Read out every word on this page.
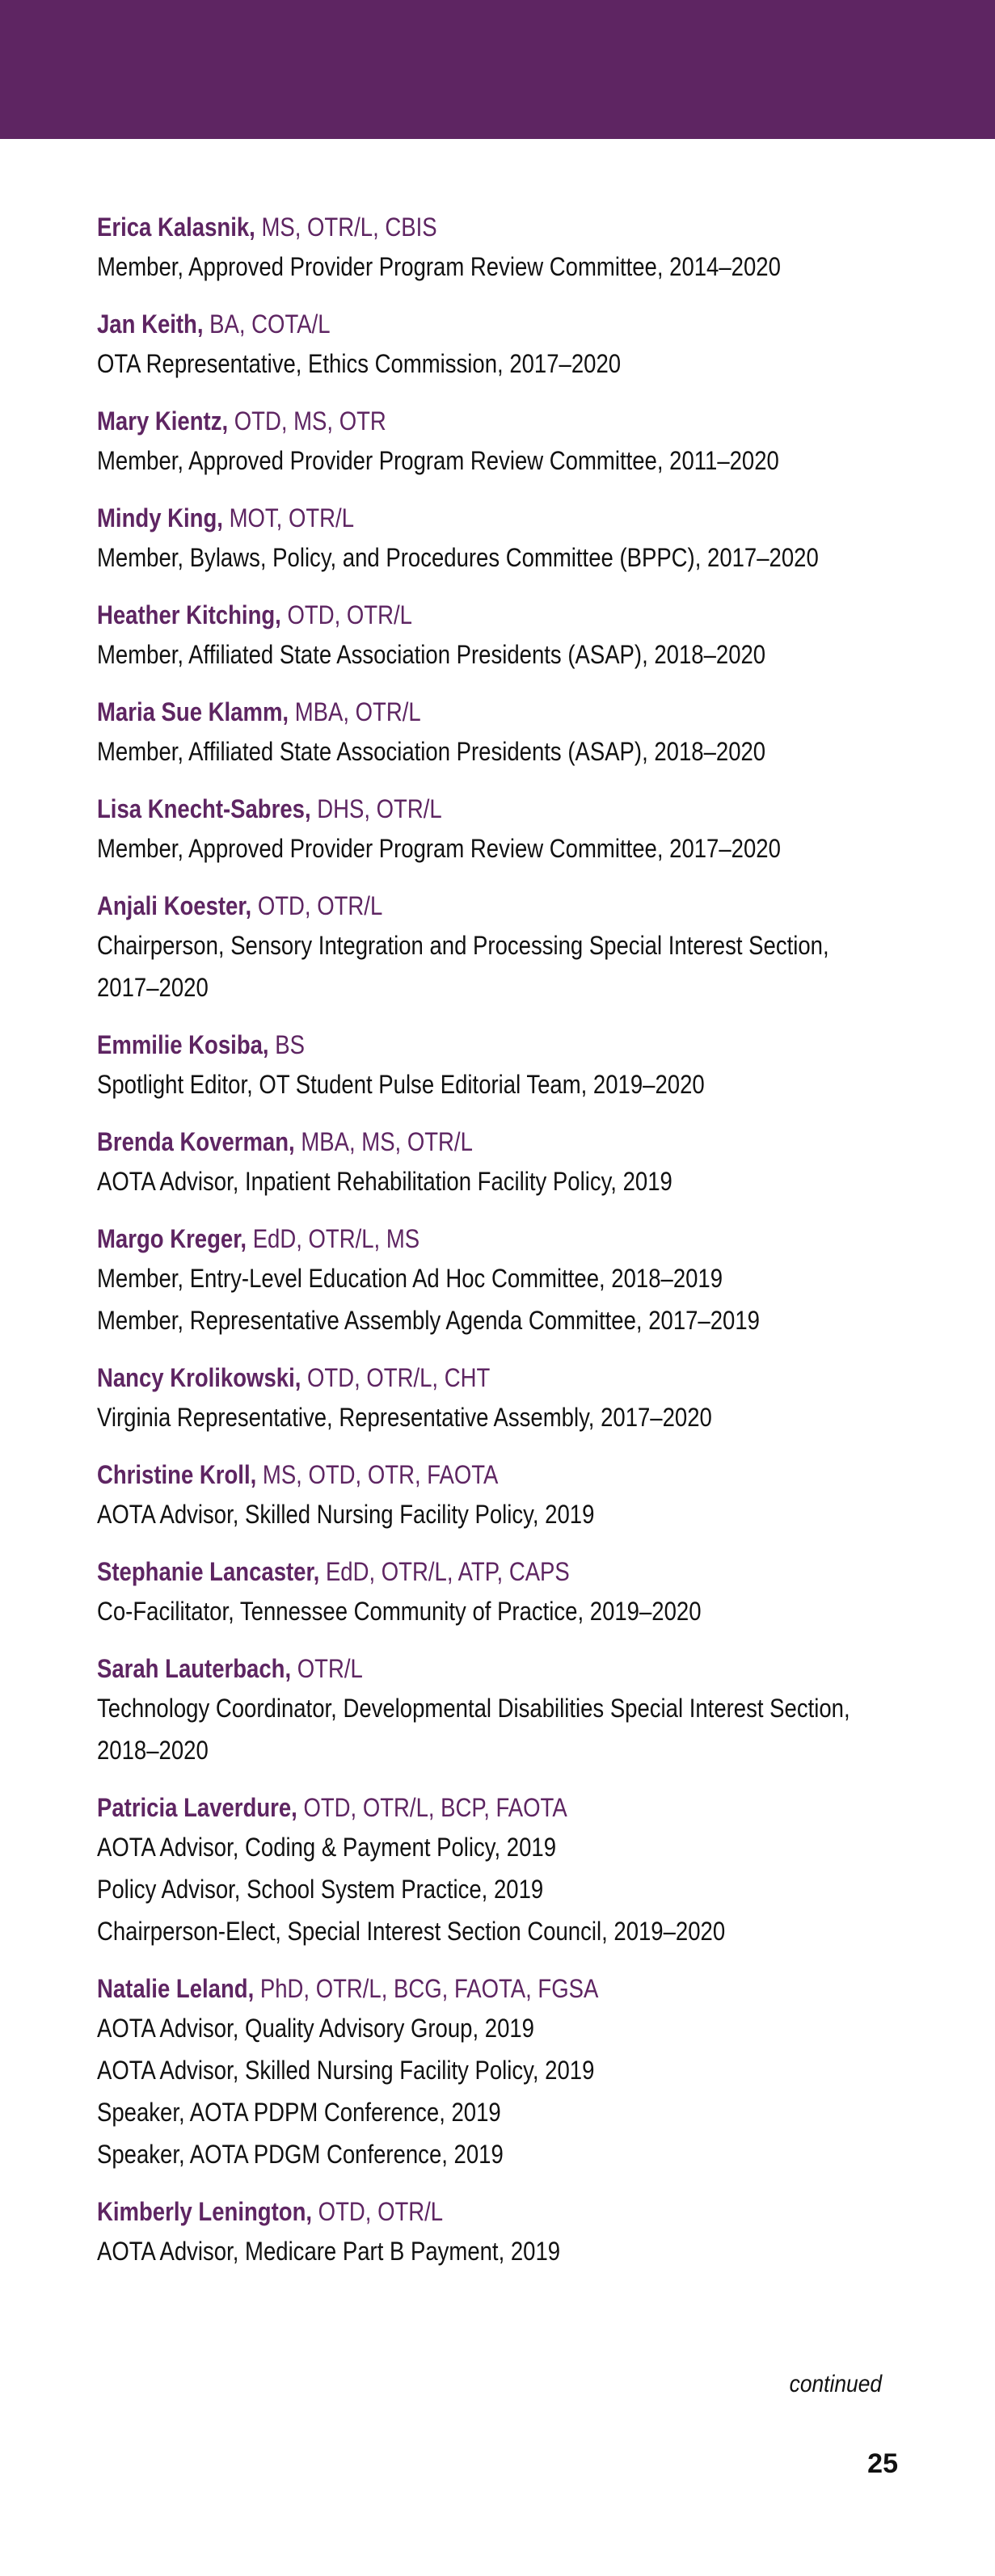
Erica Kalasnik, MS, OTR/L, CBIS
Member, Approved Provider Program Review Committee, 2014–2020
Jan Keith, BA, COTA/L
OTA Representative, Ethics Commission, 2017–2020
Mary Kientz, OTD, MS, OTR
Member, Approved Provider Program Review Committee, 2011–2020
Mindy King, MOT, OTR/L
Member, Bylaws, Policy, and Procedures Committee (BPPC), 2017–2020
Heather Kitching, OTD, OTR/L
Member, Affiliated State Association Presidents (ASAP), 2018–2020
Maria Sue Klamm, MBA, OTR/L
Member, Affiliated State Association Presidents (ASAP), 2018–2020
Lisa Knecht-Sabres, DHS, OTR/L
Member, Approved Provider Program Review Committee, 2017–2020
Anjali Koester, OTD, OTR/L
Chairperson, Sensory Integration and Processing Special Interest Section,
2017–2020
Emmilie Kosiba, BS
Spotlight Editor, OT Student Pulse Editorial Team, 2019–2020
Brenda Koverman, MBA, MS, OTR/L
AOTA Advisor, Inpatient Rehabilitation Facility Policy, 2019
Margo Kreger, EdD, OTR/L, MS
Member, Entry-Level Education Ad Hoc Committee, 2018–2019
Member, Representative Assembly Agenda Committee, 2017–2019
Nancy Krolikowski, OTD, OTR/L, CHT
Virginia Representative, Representative Assembly, 2017–2020
Christine Kroll, MS, OTD, OTR, FAOTA
AOTA Advisor, Skilled Nursing Facility Policy, 2019
Stephanie Lancaster, EdD, OTR/L, ATP, CAPS
Co-Facilitator, Tennessee Community of Practice, 2019–2020
Sarah Lauterbach, OTR/L
Technology Coordinator, Developmental Disabilities Special Interest Section,
2018–2020
Patricia Laverdure, OTD, OTR/L, BCP, FAOTA
AOTA Advisor, Coding & Payment Policy, 2019
Policy Advisor, School System Practice, 2019
Chairperson-Elect, Special Interest Section Council, 2019–2020
Natalie Leland, PhD, OTR/L, BCG, FAOTA, FGSA
AOTA Advisor, Quality Advisory Group, 2019
AOTA Advisor, Skilled Nursing Facility Policy, 2019
Speaker, AOTA PDPM Conference, 2019
Speaker, AOTA PDGM Conference, 2019
Kimberly Lenington, OTD, OTR/L
AOTA Advisor, Medicare Part B Payment, 2019
continued
25
